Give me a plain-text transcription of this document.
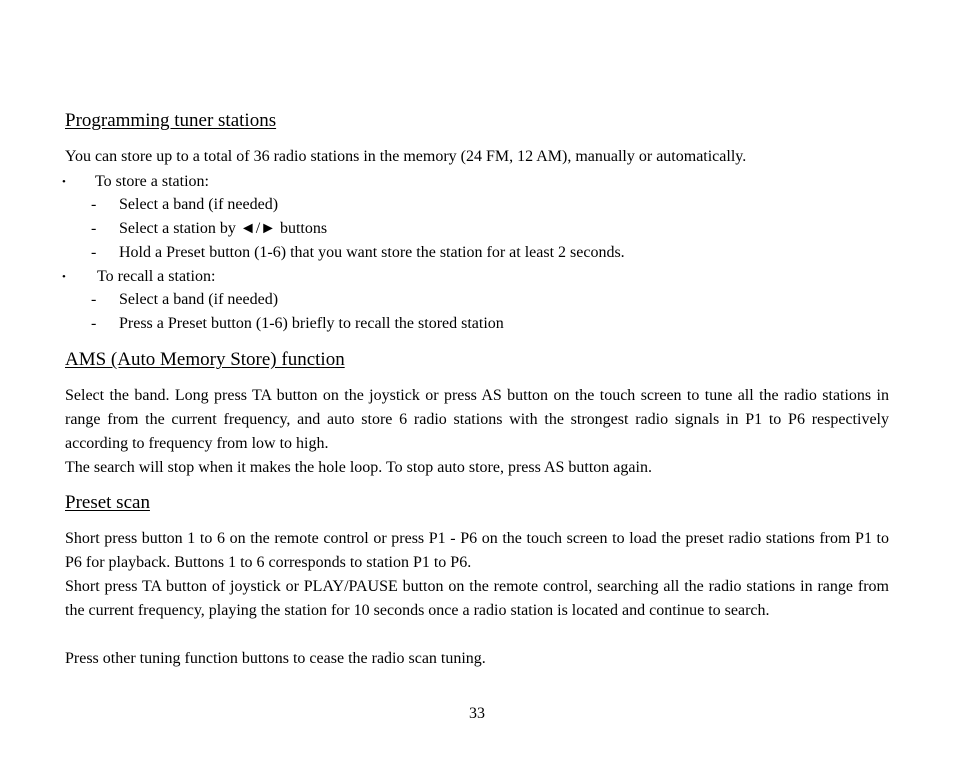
Programming tuner stations
You can store up to a total of 36 radio stations in the memory (24 FM, 12 AM), manually or automatically.
• To store a station:
- Select a band (if needed)
- Select a station by ◄/► buttons
- Hold a Preset button (1-6) that you want store the station for at least 2 seconds.
• To recall a station:
- Select a band (if needed)
- Press a Preset button (1-6) briefly to recall the stored station
AMS (Auto Memory Store) function
Select the band. Long press TA button on the joystick or press AS button on the touch screen to tune all the radio stations in range from the current frequency, and auto store 6 radio stations with the strongest radio signals in P1 to P6 respectively according to frequency from low to high.
The search will stop when it makes the hole loop. To stop auto store, press AS button again.
Preset scan
Short press button 1 to 6 on the remote control or press P1 - P6 on the touch screen to load the preset radio stations from P1 to P6 for playback. Buttons 1 to 6 corresponds to station P1 to P6.
Short press TA button of joystick or PLAY/PAUSE button on the remote control, searching all the radio stations in range from the current frequency, playing the station for 10 seconds once a radio station is located and continue to search.
Press other tuning function buttons to cease the radio scan tuning.
33
